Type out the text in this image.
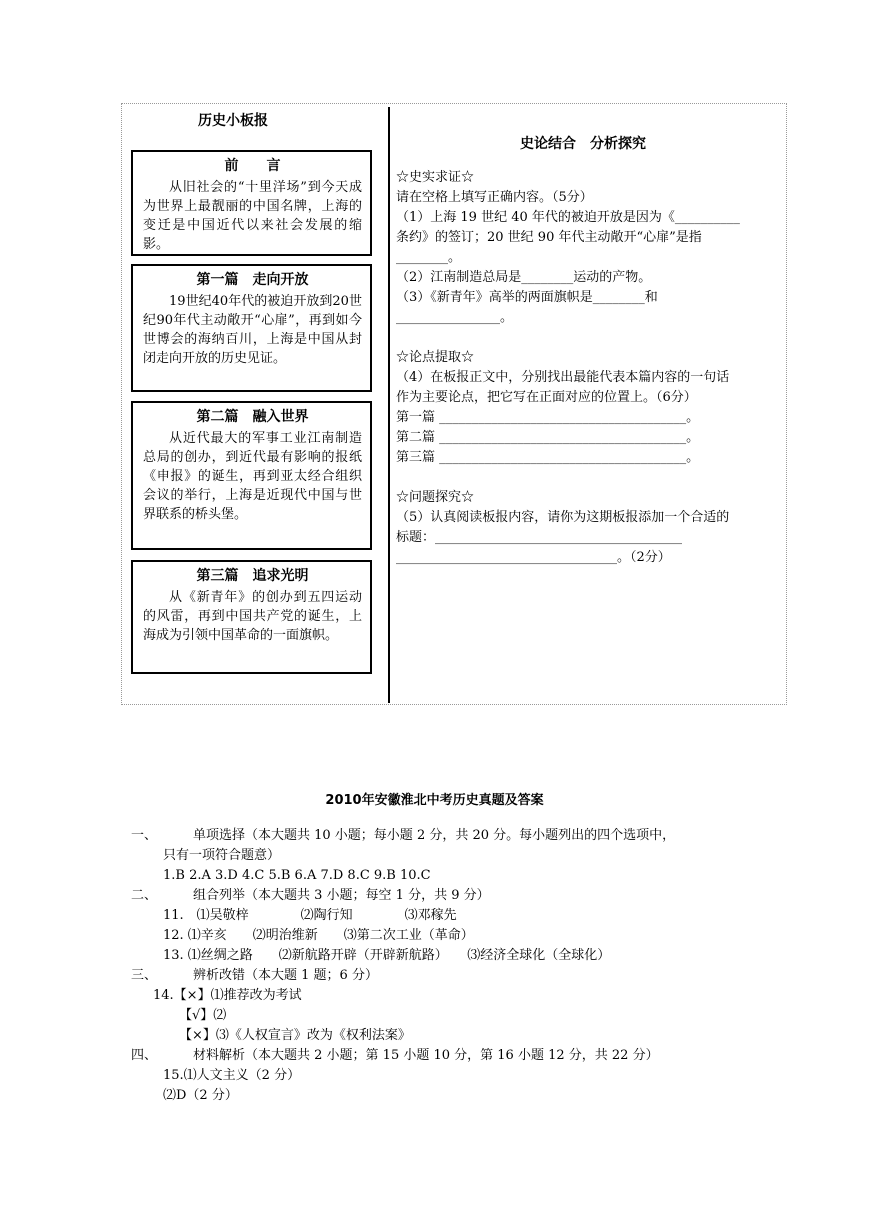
历史小板报
前　　言
从旧社会的“十里洋场”到今天成为世界上最靓丽的中国名牌，上海的变迁是中国近代以来社会发展的缩影。
第一篇　走向开放
19世纪40年代的被迫开放到20世纪90年代主动敞开“心扉”，再到如今世博会的海纳百川，上海是中国从封闭走向开放的历史见证。
第二篇　融入世界
从近代最大的军事工业江南制造总局的创办，到近代最有影响的报纸《申报》的诞生，再到亚太经合组织会议的举行，上海是近现代中国与世界联系的桥头堡。
第三篇　追求光明
从《新青年》的创办到五四运动的风雷，再到中国共产党的诞生，上海成为引领中国革命的一面旗帜。
史论结合　分析探究
☆史实求证☆
请在空格上填写正确内容。（5分）
（1）上海 19 世纪 40 年代的被迫开放是因为《__________
条约》的签订；20 世纪 90 年代主动敞开“心扉”是指
________。
（2）江南制造总局是________运动的产物。
（3）《新青年》高举的两面旗帜是________和
________________。
☆论点提取☆
（4）在板报正文中，分别找出最能代表本篇内容的一句话
作为主要论点，把它写在正面对应的位置上。（6分）
第一篇 ______________________________________。
第二篇 ______________________________________。
第三篇 ______________________________________。
☆问题探究☆
（5）认真阅读板报内容，请你为这期板报添加一个合适的
标题：______________________________________
__________________________________。（2分）
2010年安徽淮北中考历史真题及答案
一、	单项选择（本大题共 10 小题；每小题 2 分，共 20 分。每小题列出的四个选项中，
只有一项符合题意）
1.B 2.A 3.D 4.C 5.B 6.A 7.D 8.C 9.B 10.C
二、	组合列举（本大题共 3 小题；每空 1 分，共 9 分）
11.　⑴吴敬梓　　　　⑵陶行知　　　　⑶邓稼先
12. ⑴辛亥　　⑵明治维新　　⑶第二次工业（革命）
13. ⑴丝绸之路　　⑵新航路开辟（开辟新航路）　　⑶经济全球化（全球化）
三、	辨析改错（本大题 1 题；6 分）
14.【×】⑴推荐改为考试
【√】⑵
【×】⑶《人权宣言》改为《权利法案》
四、	材料解析（本大题共 2 小题；第 15 小题 10 分，第 16 小题 12 分，共 22 分）
15.⑴人文主义（2 分）
⑵D（2 分）
